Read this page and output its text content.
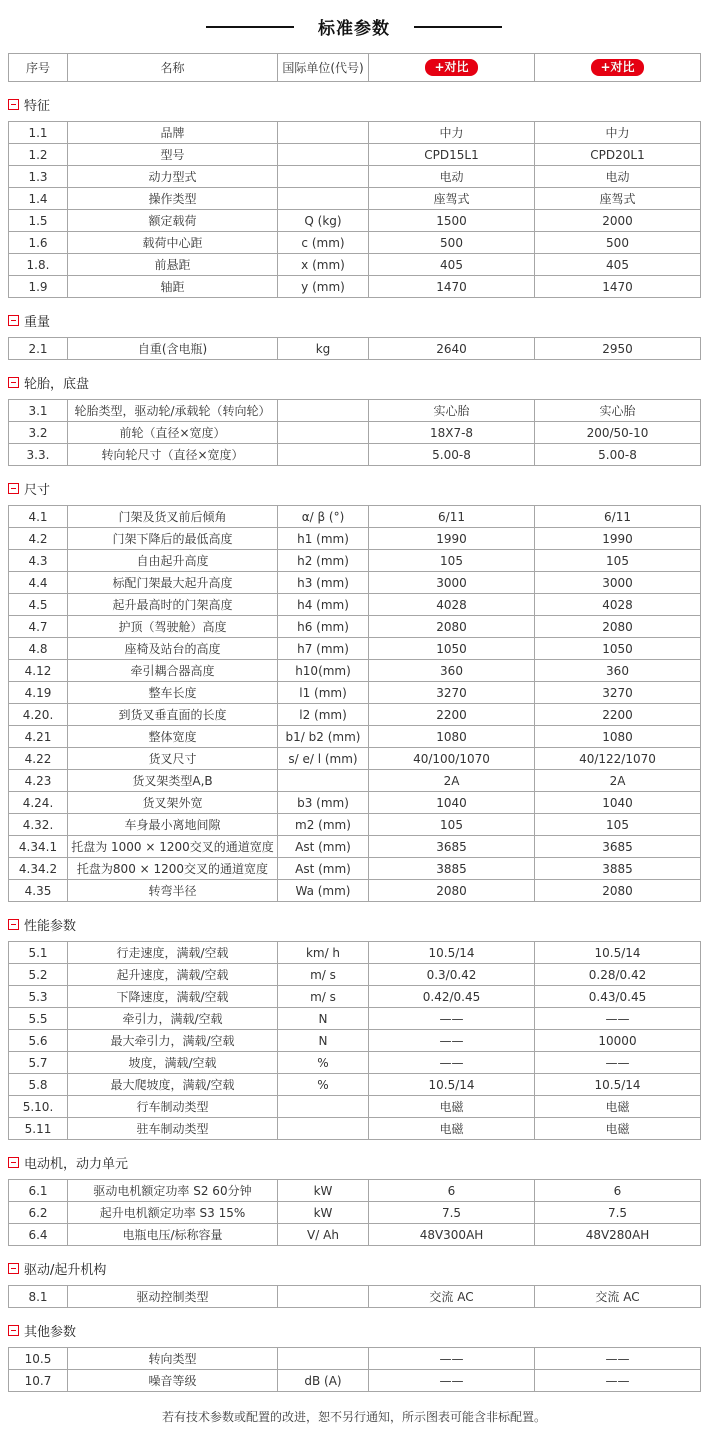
标准参数
序号	名称	国际单位(代号)	+对比	+对比
特征
1.1	品牌		中力	中力
1.2	型号		CPD15L1	CPD20L1
1.3	动力型式		电动	电动
1.4	操作类型		座驾式	座驾式
1.5	额定载荷	Q (kg)	1500	2000
1.6	载荷中心距	c (mm)	500	500
1.8.	前悬距	x (mm)	405	405
1.9	轴距	y (mm)	1470	1470
重量
2.1	自重(含电瓶)	kg	2640	2950
轮胎，底盘
3.1	轮胎类型，驱动轮/承载轮（转向轮）		实心胎	实心胎
3.2	前轮（直径×宽度）		18X7-8	200/50-10
3.3.	转向轮尺寸（直径×宽度）		5.00-8	5.00-8
尺寸
4.1	门架及货叉前后倾角	α/ β (°)	6/11	6/11
4.2	门架下降后的最低高度	h1 (mm)	1990	1990
4.3	自由起升高度	h2 (mm)	105	105
4.4	标配门架最大起升高度	h3 (mm)	3000	3000
4.5	起升最高时的门架高度	h4 (mm)	4028	4028
4.7	护顶（驾驶舱）高度	h6 (mm)	2080	2080
4.8	座椅及站台的高度	h7 (mm)	1050	1050
4.12	牵引耦合器高度	h10(mm)	360	360
4.19	整车长度	l1 (mm)	3270	3270
4.20.	到货叉垂直面的长度	l2 (mm)	2200	2200
4.21	整体宽度	b1/ b2 (mm)	1080	1080
4.22	货叉尺寸	s/ e/ l (mm)	40/100/1070	40/122/1070
4.23	货叉架类型A,B		2A	2A
4.24.	货叉架外宽	b3 (mm)	1040	1040
4.32.	车身最小离地间隙	m2 (mm)	105	105
4.34.1	托盘为 1000 × 1200交叉的通道宽度	Ast (mm)	3685	3685
4.34.2	托盘为800 × 1200交叉的通道宽度	Ast (mm)	3885	3885
4.35	转弯半径	Wa (mm)	2080	2080
性能参数
5.1	行走速度，满载/空载	km/ h	10.5/14	10.5/14
5.2	起升速度，满载/空载	m/ s	0.3/0.42	0.28/0.42
5.3	下降速度，满载/空载	m/ s	0.42/0.45	0.43/0.45
5.5	牵引力，满载/空载	N	——	——
5.6	最大牵引力，满载/空载	N	——	10000
5.7	坡度，满载/空载	%	——	——
5.8	最大爬坡度，满载/空载	%	10.5/14	10.5/14
5.10.	行车制动类型		电磁	电磁
5.11	驻车制动类型		电磁	电磁
电动机，动力单元
6.1	驱动电机额定功率 S2 60分钟	kW	6	6
6.2	起升电机额定功率 S3 15%	kW	7.5	7.5
6.4	电瓶电压/标称容量	V/ Ah	48V300AH	48V280AH
驱动/起升机构
8.1	驱动控制类型		交流 AC	交流 AC
其他参数
10.5	转向类型		——	——
10.7	噪音等级	dB (A)	——	——
若有技术参数或配置的改进，恕不另行通知，所示图表可能含非标配置。
